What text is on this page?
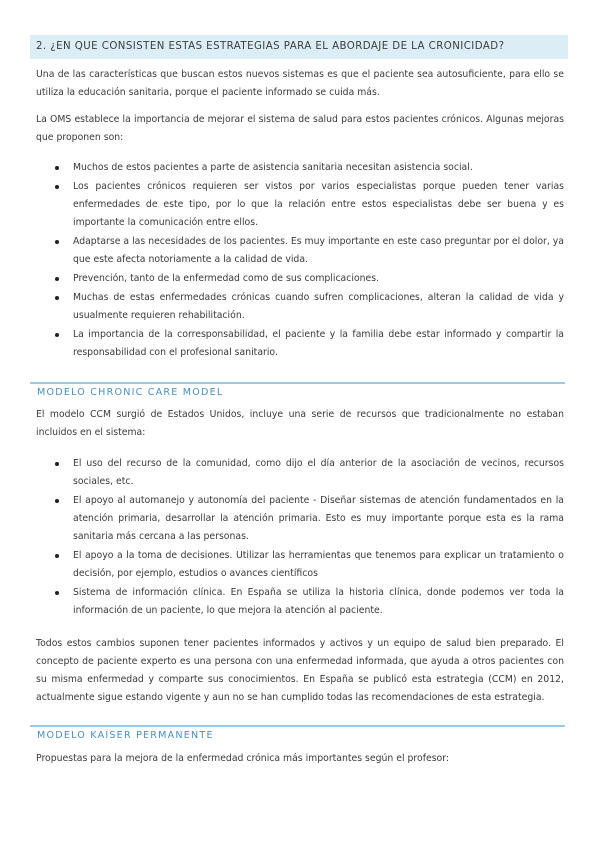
2. ¿EN QUE CONSISTEN ESTAS ESTRATEGIAS PARA EL ABORDAJE DE LA CRONICIDAD?
Una de las características que buscan estos nuevos sistemas es que el paciente sea autosuficiente, para ello se utiliza la educación sanitaria, porque el paciente informado se cuida más.
La OMS establece la importancia de mejorar el sistema de salud para estos pacientes crónicos. Algunas mejoras que proponen son:
Muchos de estos pacientes a parte de asistencia sanitaria necesitan asistencia social.
Los pacientes crónicos requieren ser vistos por varios especialistas porque pueden tener varias enfermedades de este tipo, por lo que la relación entre estos especialistas debe ser buena y es importante la comunicación entre ellos.
Adaptarse a las necesidades de los pacientes. Es muy importante en este caso preguntar por el dolor, ya que este afecta notoriamente a la calidad de vida.
Prevención, tanto de la enfermedad como de sus complicaciones.
Muchas de estas enfermedades crónicas cuando sufren complicaciones, alteran la calidad de vida y usualmente requieren rehabilitación.
La importancia de la corresponsabilidad, el paciente y la familia debe estar informado y compartir la responsabilidad con el profesional sanitario.
MODELO CHRONIC CARE MODEL
El modelo CCM surgió de Estados Unidos, incluye una serie de recursos que tradicionalmente no estaban incluidos en el sistema:
El uso del recurso de la comunidad, como dijo el día anterior de la asociación de vecinos, recursos sociales, etc.
El apoyo al automanejo y autonomía del paciente - Diseñar sistemas de atención fundamentados en la atención primaria, desarrollar la atención primaria. Esto es muy importante porque esta es la rama sanitaria más cercana a las personas.
El apoyo a la toma de decisiones. Utilizar las herramientas que tenemos para explicar un tratamiento o decisión, por ejemplo, estudios o avances científicos
Sistema de información clínica. En España se utiliza la historia clínica, donde podemos ver toda la información de un paciente, lo que mejora la atención al paciente.
Todos estos cambios suponen tener pacientes informados y activos y un equipo de salud bien preparado. El concepto de paciente experto es una persona con una enfermedad informada, que ayuda a otros pacientes con su misma enfermedad y comparte sus conocimientos. En España se publicó esta estrategia (CCM) en 2012, actualmente sigue estando vigente y aun no se han cumplido todas las recomendaciones de esta estrategia.
MODELO KAISER PERMANENTE
Propuestas para la mejora de la enfermedad crónica más importantes según el profesor:
